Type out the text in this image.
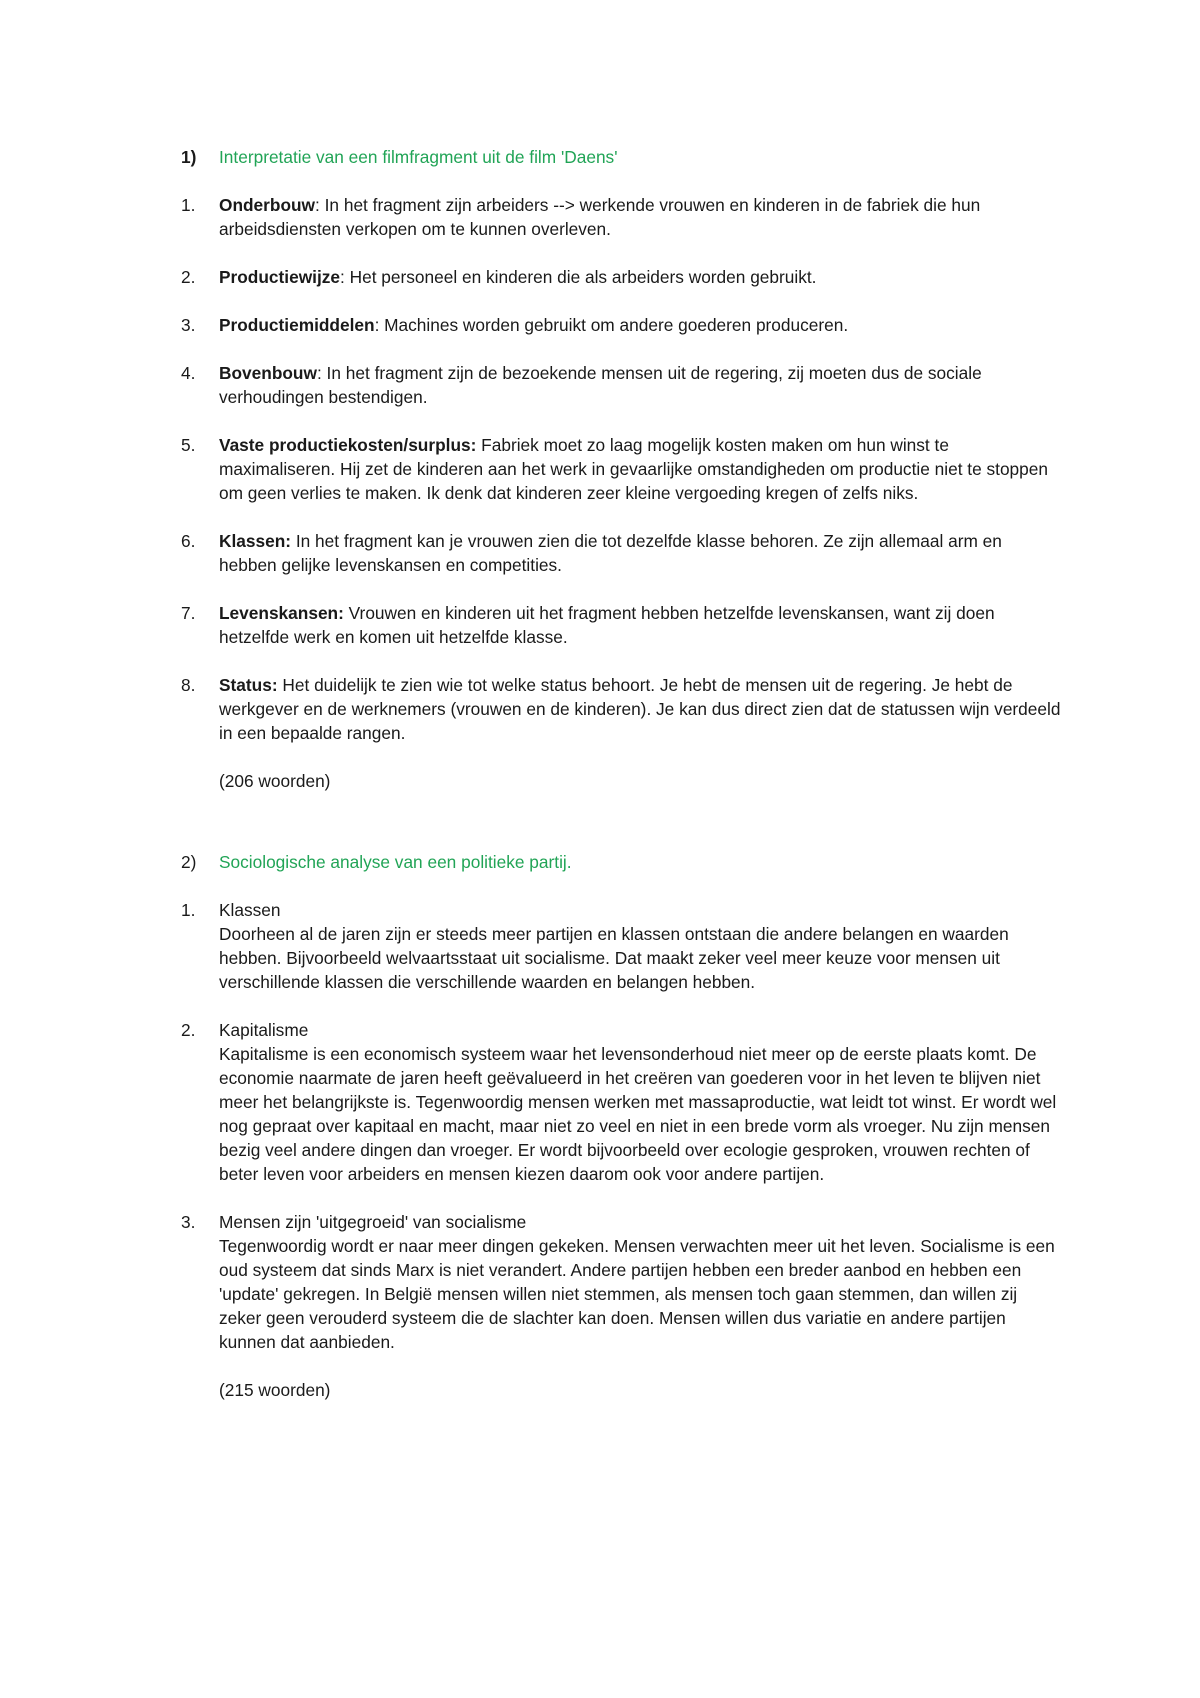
1)	Interpretatie van een filmfragment uit de film 'Daens'
1.	Onderbouw: In het fragment zijn arbeiders --> werkende vrouwen en kinderen in de fabriek die hun arbeidsdiensten verkopen om te kunnen overleven.
2.	Productiewijze: Het personeel en kinderen die als arbeiders worden gebruikt.
3.	Productiemiddelen: Machines worden gebruikt om andere goederen produceren.
4.	Bovenbouw: In het fragment zijn de bezoekende mensen uit de regering, zij moeten dus de sociale verhoudingen bestendigen.
5.	Vaste productiekosten/surplus: Fabriek moet zo laag mogelijk kosten maken om hun winst te maximaliseren. Hij zet de kinderen aan het werk in gevaarlijke omstandigheden om productie niet te stoppen om geen verlies te maken. Ik denk dat kinderen zeer kleine vergoeding kregen of zelfs niks.
6.	Klassen: In het fragment kan je vrouwen zien die tot dezelfde klasse behoren. Ze zijn allemaal arm en hebben gelijke levenskansen en competities.
7.	Levenskansen: Vrouwen en kinderen uit het fragment hebben hetzelfde levenskansen, want zij doen hetzelfde werk en komen uit hetzelfde klasse.
8.	Status: Het duidelijk te zien wie tot welke status behoort. Je hebt de mensen uit de regering. Je hebt de werkgever en de werknemers (vrouwen en de kinderen). Je kan dus direct zien dat de statussen wijn verdeeld in een bepaalde rangen.
(206 woorden)
2)	Sociologische analyse van een politieke partij.
1.	Klassen
Doorheen al de jaren zijn er steeds meer partijen en klassen ontstaan die andere belangen en waarden hebben. Bijvoorbeeld welvaartsstaat uit socialisme. Dat maakt zeker veel meer keuze voor mensen uit verschillende klassen die verschillende waarden en belangen hebben.
2.	Kapitalisme
Kapitalisme is een economisch systeem waar het levensonderhoud niet meer op de eerste plaats komt. De economie naarmate de jaren heeft geëvalueerd in het creëren van goederen voor in het leven te blijven niet meer het belangrijkste is. Tegenwoordig mensen werken met massaproductie, wat leidt tot winst. Er wordt wel nog gepraat over kapitaal en macht, maar niet zo veel en niet in een brede vorm als vroeger. Nu zijn mensen bezig veel andere dingen dan vroeger. Er wordt bijvoorbeeld over ecologie gesproken, vrouwen rechten of beter leven voor arbeiders en mensen kiezen daarom ook voor andere partijen.
3.	Mensen zijn 'uitgegroeid' van socialisme
Tegenwoordig wordt er naar meer dingen gekeken. Mensen verwachten meer uit het leven. Socialisme is een oud systeem dat sinds Marx is niet verandert. Andere partijen hebben een breder aanbod en hebben een 'update' gekregen. In België mensen willen niet stemmen, als mensen toch gaan stemmen, dan willen zij zeker geen verouderd systeem die de slachter kan doen. Mensen willen dus variatie en andere partijen kunnen dat aanbieden.
(215 woorden)
